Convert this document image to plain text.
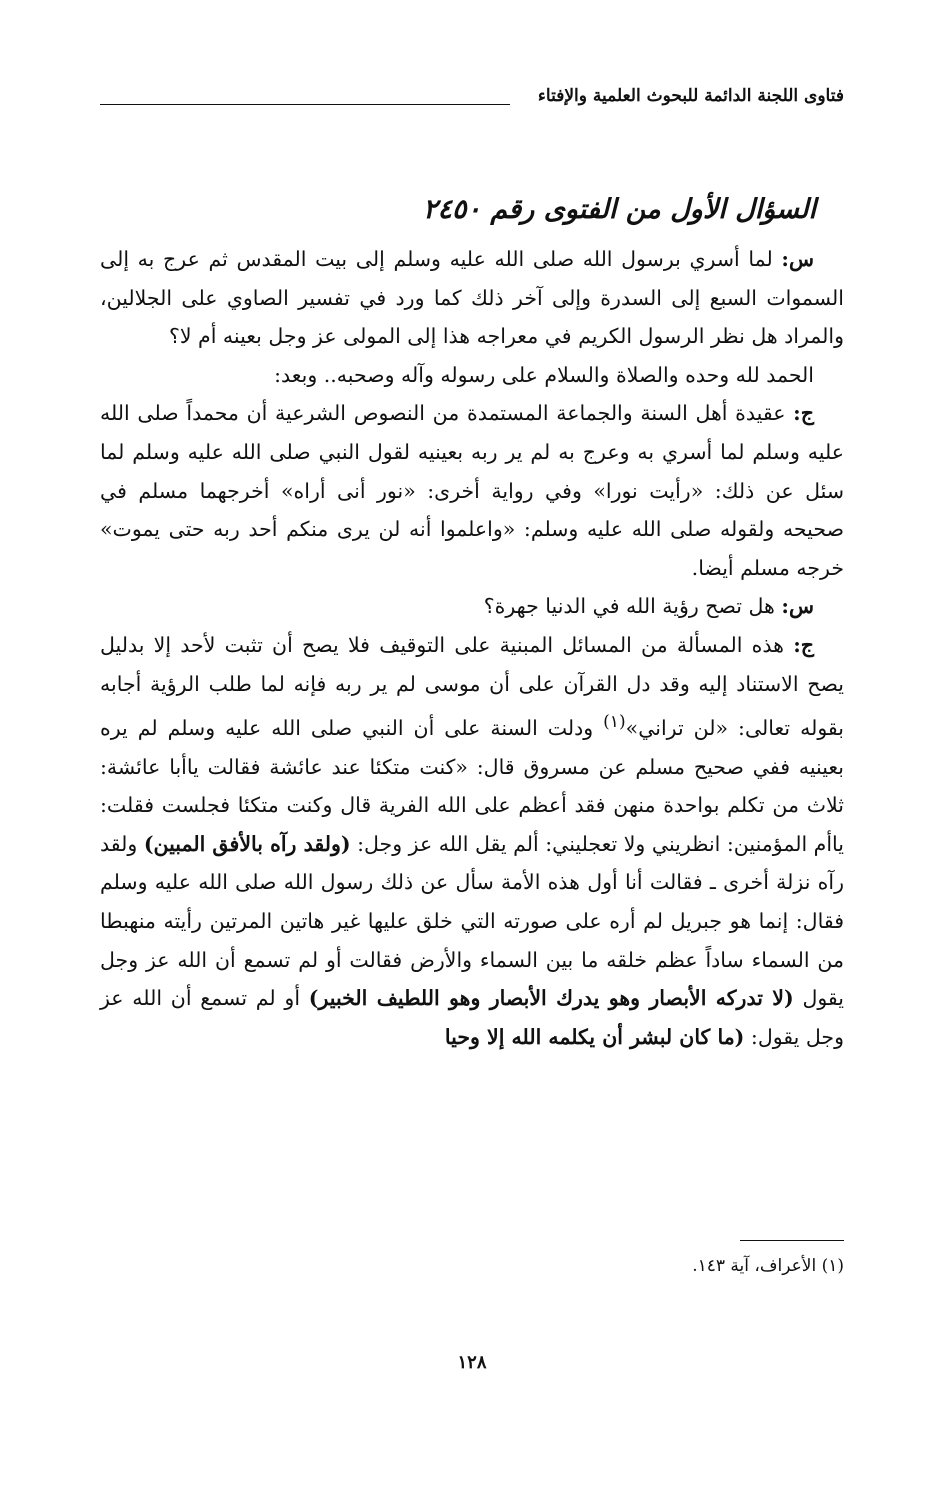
فتاوى اللجنة الدائمة للبحوث العلمية والإفتاء
السؤال الأول من الفتوى رقم ٢٤٥٠

س: لما أسري برسول الله صلى الله عليه وسلم إلى بيت المقدس ثم عرج به إلى السموات السبع إلى السدرة وإلى آخر ذلك كما ورد في تفسير الصاوي على الجلالين، والمراد هل نظر الرسول الكريم في معراجه هذا إلى المولى عز وجل بعينه أم لا؟

الحمد لله وحده والصلاة والسلام على رسوله وآله وصحبه.. وبعد:

ج: عقيدة أهل السنة والجماعة المستمدة من النصوص الشرعية أن محمداً صلى الله عليه وسلم لما أسري به وعرج به لم ير ربه بعينيه لقول النبي صلى الله عليه وسلم لما سئل عن ذلك: «رأيت نورا» وفي رواية أخرى: «نور أنى أراه» أخرجهما مسلم في صحيحه ولقوله صلى الله عليه وسلم: «واعلموا أنه لن يرى منكم أحد ربه حتى يموت» خرجه مسلم أيضا.

س: هل تصح رؤية الله في الدنيا جهرة؟

ج: هذه المسألة من المسائل المبنية على التوقيف فلا يصح أن تثبت لأحد إلا بدليل يصح الاستناد إليه وقد دل القرآن على أن موسى لم ير ربه فإنه لما طلب الرؤية أجابه بقوله تعالى: «لن تراني»$^{(١)}$ ودلت السنة على أن النبي صلى الله عليه وسلم لم يره بعينيه ففي صحيح مسلم عن مسروق قال: «كنت متكئا عند عائشة فقالت ياأبا عائشة: ثلاث من تكلم بواحدة منهن فقد أعظم على الله الفرية قال وكنت متكئا فجلست فقلت: ياأم المؤمنين: انظريني ولا تعجليني: ألم يقل الله عز وجل: (ولقد رآه بالأفق المبين) ولقد رآه نزلة أخرى ـ فقالت أنا أول هذه الأمة سأل عن ذلك رسول الله صلى الله عليه وسلم فقال: إنما هو جبريل لم أره على صورته التي خلق عليها غير هاتين المرتين رأيته منهبطا من السماء ساداً عظم خلقه ما بين السماء والأرض فقالت أو لم تسمع أن الله عز وجل يقول (لا تدركه الأبصار وهو يدرك الأبصار وهو اللطيف الخبير) أو لم تسمع أن الله عز وجل يقول: (ما كان لبشر أن يكلمه الله إلا وحيا

(١) الأعراف، آية ١٤٣.
١٢٨
